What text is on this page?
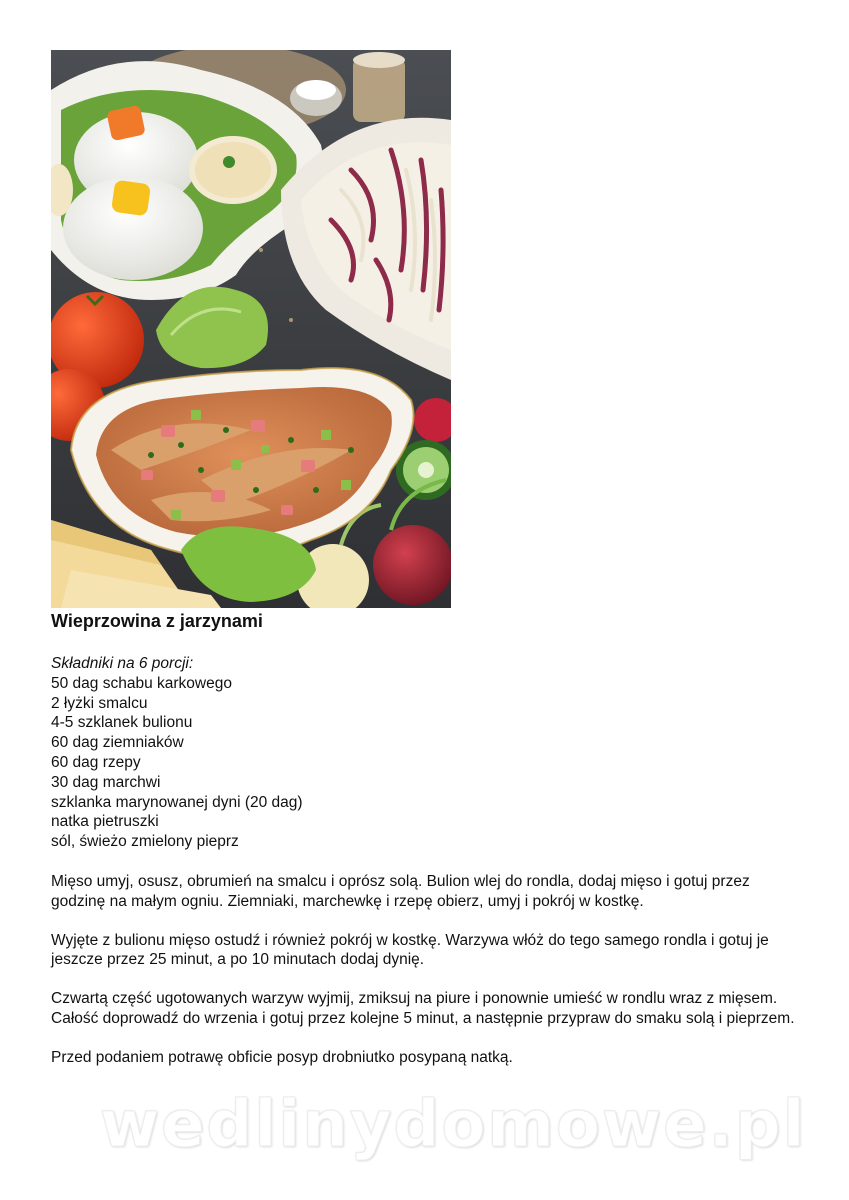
Wieprzowina z jarzynami
Składniki na 6 porcji:
50 dag schabu karkowego
2 łyżki smalcu
4-5 szklanek bulionu
60 dag ziemniaków
60 dag rzepy
30 dag marchwi
szklanka marynowanej dyni (20 dag)
natka pietruszki
sól, świeżo zmielony pieprz

Mięso umyj, osusz, obrumień na smalcu i oprósz solą. Bulion wlej do rondla, dodaj mięso i gotuj przez godzinę na małym ogniu. Ziemniaki, marchewkę i rzepę obierz, umyj i pokrój w kostkę.

Wyjęte z bulionu mięso ostudź i również pokrój w kostkę. Warzywa włóż do tego samego rondla i gotuj je jeszcze przez 25 minut, a po 10 minutach dodaj dynię.

Czwartą część ugotowanych warzyw wyjmij, zmiksuj na piure i ponownie umieść w rondlu wraz z mięsem. Całość doprowadź do wrzenia i gotuj przez kolejne 5 minut, a następnie przypraw do smaku solą i pieprzem.

Przed podaniem potrawę obficie posyp drobniutko posypaną natką.

wedlinydomowe.pl
